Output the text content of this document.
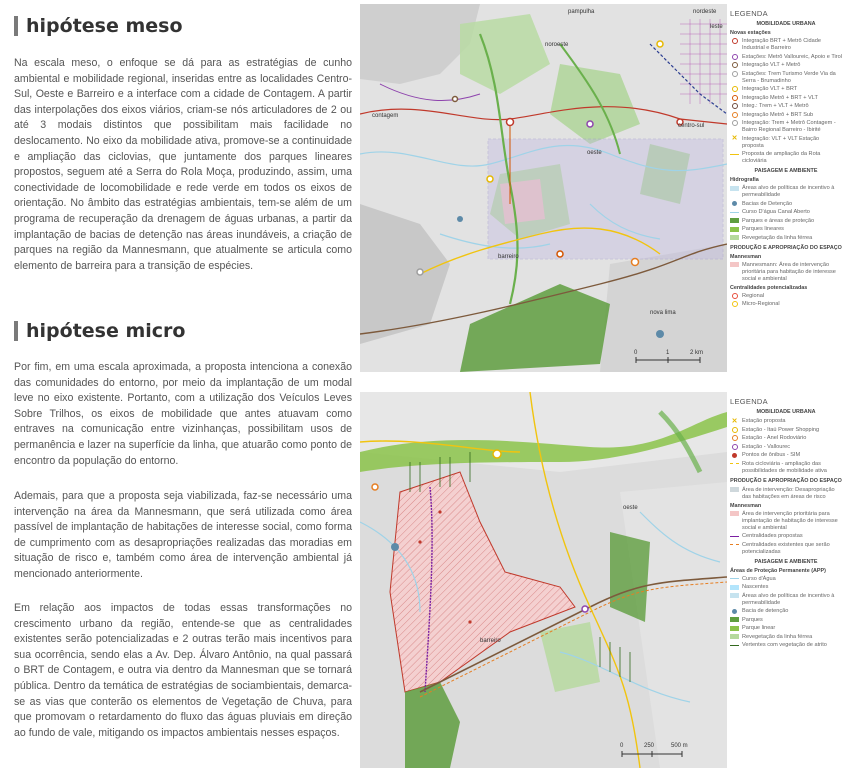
hipótese meso

Na escala meso, o enfoque se dá para as estratégias de cunho ambiental e mobilidade regional, inseridas entre as localidades Centro-Sul, Oeste e Barreiro e a interface com a cidade de Contagem. A partir das interpolações dos eixos viários, criam-se nós articuladores de 2 ou até 3 modais distintos que possibilitam mais facilidade no deslocamento. No eixo da mobilidade ativa, promove-se a continuidade e ampliação das ciclovias, que juntamente dos parques lineares propostos, seguem até a Serra do Rola Moça, produzindo, assim, uma conectividade de locomobilidade e rede verde em todos os eixos de orientação. No âmbito das estratégias ambientais, tem-se além de um programa de recuperação da drenagem de águas urbanas, a partir da implantação de bacias de detenção nas áreas inundáveis, a criação de parques na região da Mannesmann, que atualmente se articula como elemento de barreira para a transição de espécies.

hipótese micro

Por fim, em uma escala aproximada, a proposta intenciona a conexão das comunidades do entorno, por meio da implantação de um modal leve no eixo existente. Portanto, com a utilização dos Veículos Leves Sobre Trilhos, os eixos de mobilidade que antes atuavam como entraves na comunicação entre vizinhanças, possibilitam usos de permanência e lazer na superfície da linha, que atuarão como ponto de encontro da população do entorno.

Ademais, para que a proposta seja viabilizada, faz-se necessário uma intervenção na área da Mannesmann, que será utilizada como área passível de implantação de habitações de interesse social, como forma de cumprimento com as desapropriações realizadas das moradias em situação de risco e, também como área de intervenção ambiental já mencionado anteriormente.

Em relação aos impactos de todas essas transformações no crescimento urbano da região, entende-se que as centralidades existentes serão potencializadas e 2 outras terão mais incentivos para sua ocorrência, sendo elas a Av. Dep. Álvaro Antônio, na qual passará o BRT de Contagem, e outra via dentro da Mannesman que se tornará pública. Dentro da temática de estratégias de sociambientais, demarca-se as vias que conterão os elementos de Vegetação de Chuva, para que promovam o retardamento do fluxo das águas pluviais em direção ao fundo de vale, mitigando os impactos ambientais nesses espaços.

pampulha	nordeste
leste
noroeste
oeste
centro-sul
barreiro
nova lima
contagem
0	1	2 km
oeste
barreiro
0	250	500 m
LEGENDA
MOBILIDADE URBANA
Novas estações
Integração BRT + Metrô Cidade Industrial e Barreiro
Estações: Metrô Valloureic, Apoio e Tirol
Integração VLT + Metrô
Estações: Trem Turismo Verde Via da Serra - Brumadinho
Integração VLT + BRT
Integração Metrô + BRT + VLT
Integ.: Trem + VLT + Metrô
Integração Metrô + BRT Sub
Integração: Trem + Metrô Contagem - Bairro Regional Barreiro - Ibirité
✕ Integração: VLT + VLT Estação proposta
Proposta de ampliação da Rota cicloviária
PAISAGEM E AMBIENTE
Hidrografia
Áreas alvo de políticas de incentivo à permeabilidade
Bacias de Detenção
Curso D'água Canal Aberto
Parques e áreas de proteção
Parques lineares
Revegetação da linha férrea
PRODUÇÃO E APROPRIAÇÃO DO ESPAÇO
Mannesman
Mannesmann: Área de intervenção prioritária para habitação de interesse social e ambiental
Centralidades potencializadas
Regional
Micro-Regional
LEGENDA
MOBILIDADE URBANA
✕ Estação proposta
Estação - Itaú Power Shopping
Estação - Anel Rodoviário
Estação - Vallourec
Pontos de ônibus - SIM
Rota cicloviária - ampliação das possibilidades de mobilidade ativa
PRODUÇÃO E APROPRIAÇÃO DO ESPAÇO
Área de intervenção: Desapropriação das habitações em áreas de risco
Mannesman
Área de intervenção prioritária para implantação de habitação de interesse social e ambiental
Centralidades propostas
Centralidades existentes que serão potencializadas
PAISAGEM E AMBIENTE
Áreas de Proteção Permanente (APP)
Curso d'Água
Nascentes
Áreas alvo de políticas de incentivo à permeabilidade
Bacia de detenção
Parques
Parque linear
Revegetação da linha férrea
Vertentes com vegetação de atrito
